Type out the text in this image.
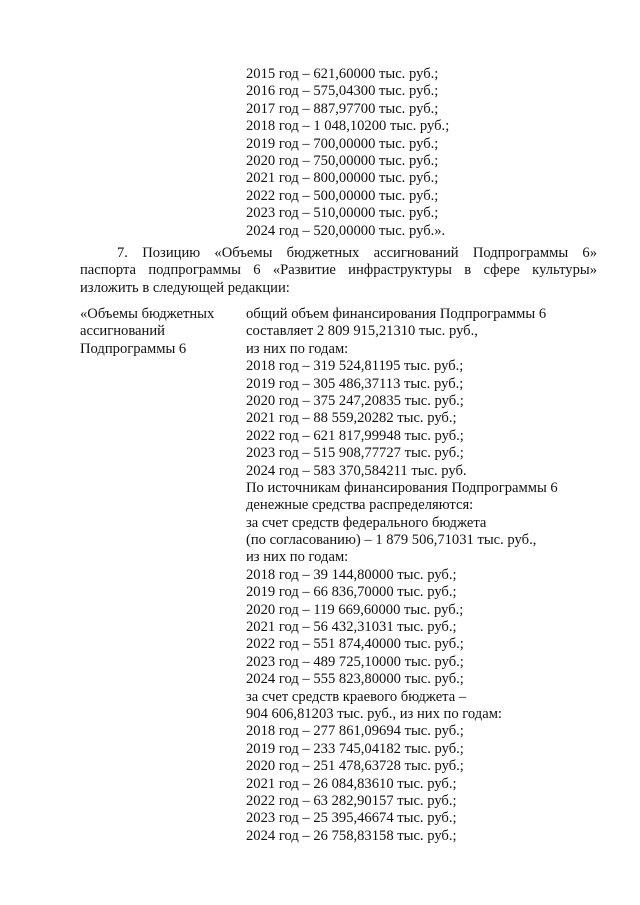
2015 год – 621,60000 тыс. руб.;
2016 год – 575,04300 тыс. руб.;
2017 год – 887,97700 тыс. руб.;
2018 год – 1 048,10200 тыс. руб.;
2019 год – 700,00000 тыс. руб.;
2020 год – 750,00000 тыс. руб.;
2021 год – 800,00000 тыс. руб.;
2022 год – 500,00000 тыс. руб.;
2023 год – 510,00000 тыс. руб.;
2024 год – 520,00000 тыс. руб.».
7. Позицию «Объемы бюджетных ассигнований Подпрограммы 6»
паспорта подпрограммы 6 «Развитие инфраструктуры в сфере культуры»
изложить в следующей редакции:
«Объемы бюджетных
ассигнований
Подпрограммы 6
общий объем финансирования Подпрограммы 6
составляет 2 809 915,21310 тыс. руб.,
из них по годам:
2018 год – 319 524,81195 тыс. руб.;
2019 год – 305 486,37113 тыс. руб.;
2020 год – 375 247,20835 тыс. руб.;
2021 год – 88 559,20282 тыс. руб.;
2022 год – 621 817,99948 тыс. руб.;
2023 год – 515 908,77727 тыс. руб.;
2024 год – 583 370,584211 тыс. руб.
По источникам финансирования Подпрограммы 6
денежные средства распределяются:
за счет средств федерального бюджета
(по согласованию) – 1 879 506,71031 тыс. руб.,
из них по годам:
2018 год – 39 144,80000 тыс. руб.;
2019 год – 66 836,70000 тыс. руб.;
2020 год – 119 669,60000 тыс. руб.;
2021 год – 56 432,31031 тыс. руб.;
2022 год – 551 874,40000 тыс. руб.;
2023 год – 489 725,10000 тыс. руб.;
2024 год – 555 823,80000 тыс. руб.;
за счет средств краевого бюджета –
904 606,81203 тыс. руб., из них по годам:
2018 год – 277 861,09694 тыс. руб.;
2019 год – 233 745,04182 тыс. руб.;
2020 год – 251 478,63728 тыс. руб.;
2021 год – 26 084,83610 тыс. руб.;
2022 год – 63 282,90157 тыс. руб.;
2023 год – 25 395,46674 тыс. руб.;
2024 год – 26 758,83158 тыс. руб.;
